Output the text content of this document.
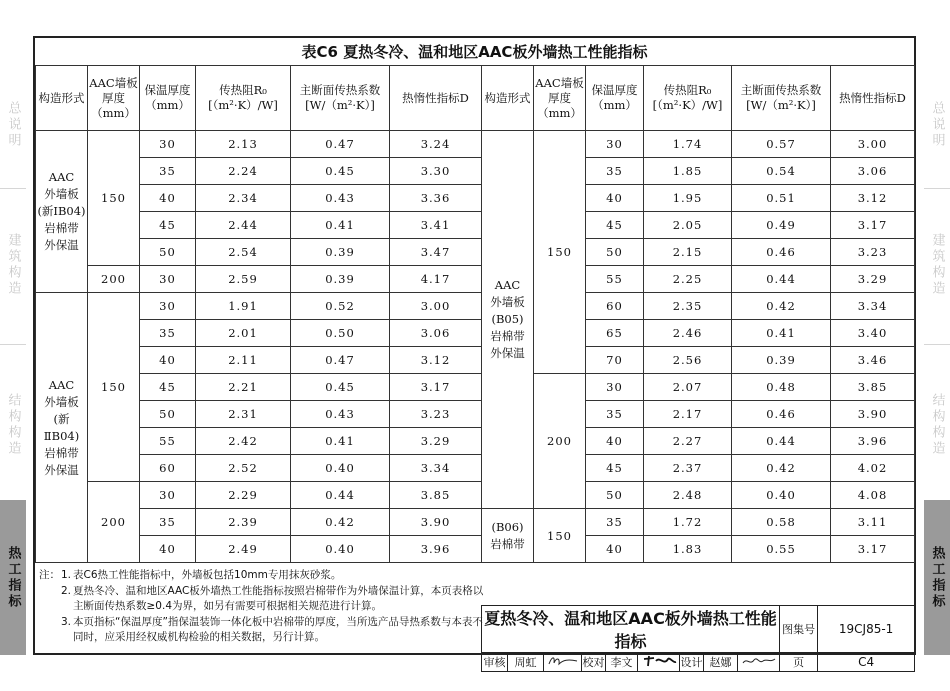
总说明
建筑构造
结构构造
热工指标
总说明
建筑构造
结构构造
热工指标
表C6 夏热冬冷、温和地区AAC板外墙热工性能指标
构造形式	AAC墙板厚度（mm）	保温厚度（mm）	传热阻R₀ [（m²·K）/W]	主断面传热系数 [W/（m²·K）]	热惰性指标D
AAC
外墙板
(新ⅠB04)
岩棉带
外保温	150	30	2.13	0.47	3.24
		35	2.24	0.45	3.30
		40	2.34	0.43	3.36
		45	2.44	0.41	3.41
		50	2.54	0.39	3.47
	200	30	2.59	0.39	4.17
AAC
外墙板
(新ⅡB04)
岩棉带
外保温	150	30	1.91	0.52	3.00
		35	2.01	0.50	3.06
		40	2.11	0.47	3.12
		45	2.21	0.45	3.17
		50	2.31	0.43	3.23
		55	2.42	0.41	3.29
		60	2.52	0.40	3.34
	200	30	2.29	0.44	3.85
		35	2.39	0.42	3.90
		40	2.49	0.40	3.96
构造形式	AAC墙板厚度（mm）	保温厚度（mm）	传热阻R₀ [（m²·K）/W]	主断面传热系数 [W/（m²·K）]	热惰性指标D
AAC
外墙板
(B05)
岩棉带
外保温	150	30	1.74	0.57	3.00
		35	1.85	0.54	3.06
		40	1.95	0.51	3.12
		45	2.05	0.49	3.17
		50	2.15	0.46	3.23
		55	2.25	0.44	3.29
		60	2.35	0.42	3.34
		65	2.46	0.41	3.40
		70	2.56	0.39	3.46
	200	30	2.07	0.48	3.85
		35	2.17	0.46	3.90
		40	2.27	0.44	3.96
		45	2.37	0.42	4.02
		50	2.48	0.40	4.08
(B06)
岩棉带	150	35	1.72	0.58	3.11
		40	1.83	0.55	3.17
注： 1. 表C6热工性能指标中，外墙板包括10mm专用抹灰砂浆。
2. 夏热冬冷、温和地区AAC板外墙热工性能指标按照岩棉带作为外墙保温计算，本页表格以主断面传热系数≥0.4为界，如另有需要可根据相关规范进行计算。
3. 本页指标“保温厚度”指保温装饰一体化板中岩棉带的厚度，当所选产品导热系数与本表不同时，应采用经权威机构检验的相关数据，另行计算。
夏热冬冷、温和地区AAC板外墙热工性能指标									图集号	19CJ85-1
审核	周虹		校对	李文		设计	赵娜		页	C4
